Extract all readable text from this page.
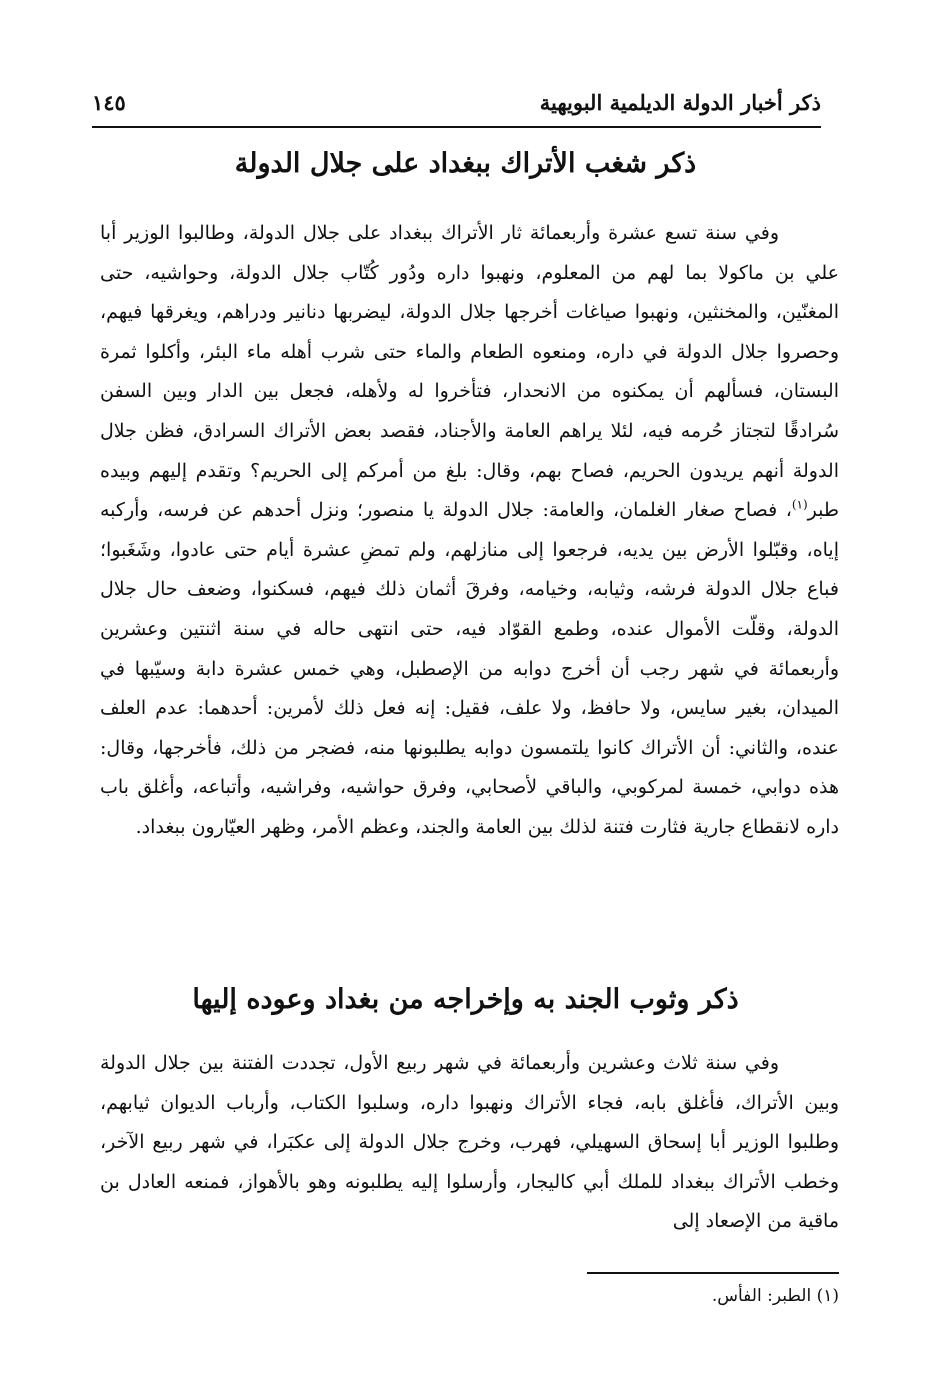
ذكر أخبار الدولة الديلمية البويهية
١٤٥
ذكر شغب الأتراك ببغداد على جلال الدولة

وفي سنة تسع عشرة وأربعمائة ثار الأتراك ببغداد على جلال الدولة، وطالبوا الوزير أبا علي بن ماكولا بما لهم من المعلوم، ونهبوا داره ودُور كُتّاب جلال الدولة، وحواشيه، حتى المغنّين، والمخنثين، ونهبوا صياغات أخرجها جلال الدولة، ليضربها دنانير ودراهم، ويغرقها فيهم، وحصروا جلال الدولة في داره، ومنعوه الطعام والماء حتى شرب أهله ماء البئر، وأكلوا ثمرة البستان، فسألهم أن يمكنوه من الانحدار، فتأخروا له ولأهله، فجعل بين الدار وبين السفن سُرادقًا لتجتاز حُرمه فيه، لئلا يراهم العامة والأجناد، فقصد بعض الأتراك السرادق، فظن جلال الدولة أنهم يريدون الحريم، فصاح بهم، وقال: بلغ من أمركم إلى الحريم؟ وتقدم إليهم وبيده طبر$^{(١)}$، فصاح صغار الغلمان، والعامة: جلال الدولة يا منصور؛ ونزل أحدهم عن فرسه، وأركبه إياه، وقبّلوا الأرض بين يديه، فرجعوا إلى منازلهم، ولم تمضِ عشرة أيام حتى عادوا، وشَغَبوا؛ فباع جلال الدولة فرشه، وثيابه، وخيامه، وفرقَ أثمان ذلك فيهم، فسكنوا، وضعف حال جلال الدولة، وقلّت الأموال عنده، وطمع القوّاد فيه، حتى انتهى حاله في سنة اثنتين وعشرين وأربعمائة في شهر رجب أن أخرج دوابه من الإصطبل، وهي خمس عشرة دابة وسيّبها في الميدان، بغير سايس، ولا حافظ، ولا علف، فقيل: إنه فعل ذلك لأمرين: أحدهما: عدم العلف عنده، والثاني: أن الأتراك كانوا يلتمسون دوابه يطلبونها منه، فضجر من ذلك، فأخرجها، وقال: هذه دوابي، خمسة لمركوبي، والباقي لأصحابي، وفرق حواشيه، وفراشيه، وأتباعه، وأغلق باب داره لانقطاع جارية فثارت فتنة لذلك بين العامة والجند، وعظم الأمر، وظهر العيّارون ببغداد.

ذكر وثوب الجند به وإخراجه من بغداد وعوده إليها

وفي سنة ثلاث وعشرين وأربعمائة في شهر ربيع الأول، تجددت الفتنة بين جلال الدولة وبين الأتراك، فأغلق بابه، فجاء الأتراك ونهبوا داره، وسلبوا الكتاب، وأرباب الديوان ثيابهم، وطلبوا الوزير أبا إسحاق السهيلي، فهرب، وخرج جلال الدولة إلى عكبَرا، في شهر ربيع الآخر، وخطب الأتراك ببغداد للملك أبي كاليجار، وأرسلوا إليه يطلبونه وهو بالأهواز، فمنعه العادل بن ماقية من الإصعاد إلى

(١) الطبر: الفأس.
